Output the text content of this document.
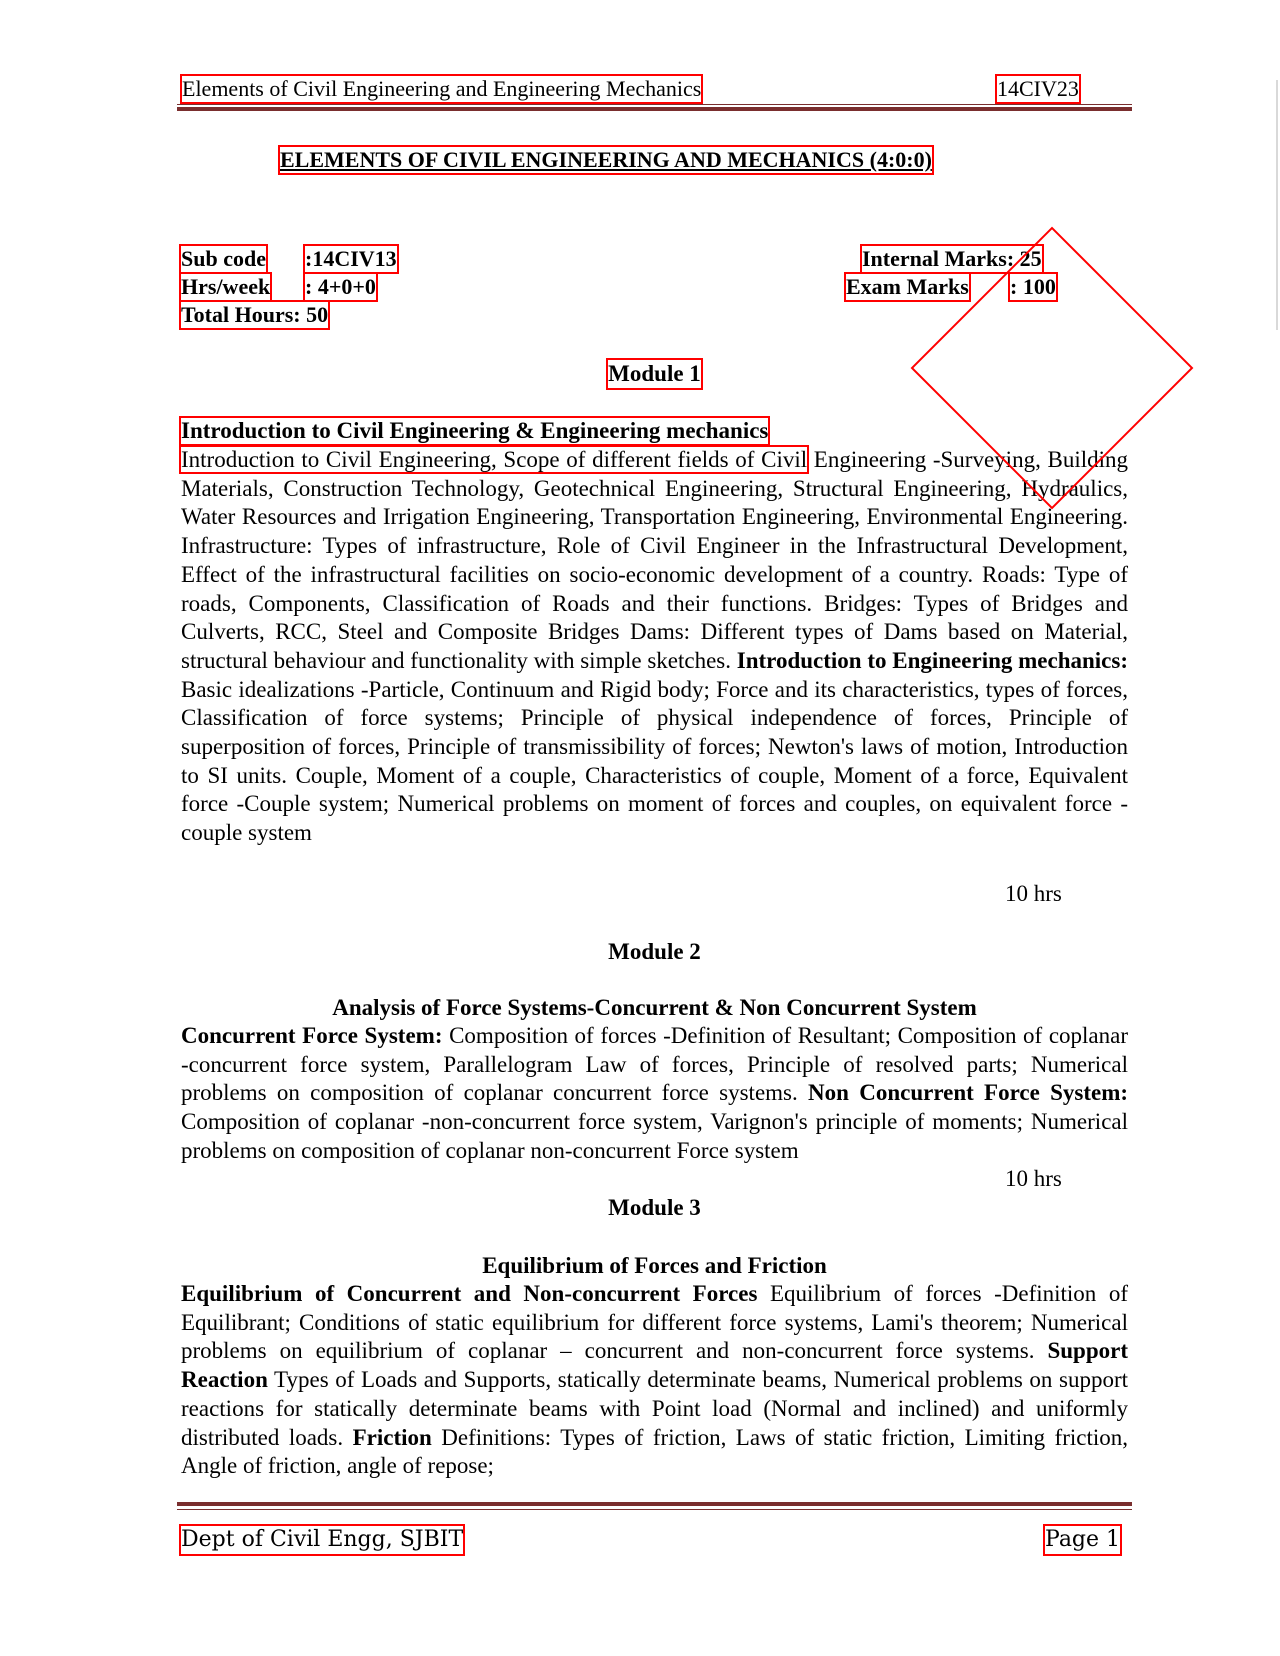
Elements of Civil Engineering and Engineering Mechanics	14CIV23
ELEMENTS OF CIVIL ENGINEERING AND MECHANICS (4:0:0)
Sub code :14CIV13
Hrs/week : 4+0+0
Total Hours: 50
Internal Marks: 25
Exam Marks : 100
Module 1
Introduction to Civil Engineering & Engineering mechanics
Introduction to Civil Engineering, Scope of different fields of Civil Engineering -Surveying, Building Materials, Construction Technology, Geotechnical Engineering, Structural Engineering, Hydraulics, Water Resources and Irrigation Engineering, Transportation Engineering, Environmental Engineering. Infrastructure: Types of infrastructure, Role of Civil Engineer in the Infrastructural Development, Effect of the infrastructural facilities on socio-economic development of a country. Roads: Type of roads, Components, Classification of Roads and their functions. Bridges: Types of Bridges and Culverts, RCC, Steel and Composite Bridges Dams: Different types of Dams based on Material, structural behaviour and functionality with simple sketches. Introduction to Engineering mechanics: Basic idealizations -Particle, Continuum and Rigid body; Force and its characteristics, types of forces, Classification of force systems; Principle of physical independence of forces, Principle of superposition of forces, Principle of transmissibility of forces; Newton's laws of motion, Introduction to SI units. Couple, Moment of a couple, Characteristics of couple, Moment of a force, Equivalent force -Couple system; Numerical problems on moment of forces and couples, on equivalent force -couple system
10 hrs
Module 2
Analysis of Force Systems-Concurrent & Non Concurrent System
Concurrent Force System: Composition of forces -Definition of Resultant; Composition of coplanar -concurrent force system, Parallelogram Law of forces, Principle of resolved parts; Numerical problems on composition of coplanar concurrent force systems. Non Concurrent Force System: Composition of coplanar -non-concurrent force system, Varignon's principle of moments; Numerical problems on composition of coplanar non-concurrent Force system
10 hrs
Module 3
Equilibrium of Forces and Friction
Equilibrium of Concurrent and Non-concurrent Forces Equilibrium of forces -Definition of Equilibrant; Conditions of static equilibrium for different force systems, Lami's theorem; Numerical problems on equilibrium of coplanar – concurrent and non-concurrent force systems. Support Reaction Types of Loads and Supports, statically determinate beams, Numerical problems on support reactions for statically determinate beams with Point load (Normal and inclined) and uniformly distributed loads. Friction Definitions: Types of friction, Laws of static friction, Limiting friction, Angle of friction, angle of repose;
Dept of Civil Engg, SJBIT	Page 1
